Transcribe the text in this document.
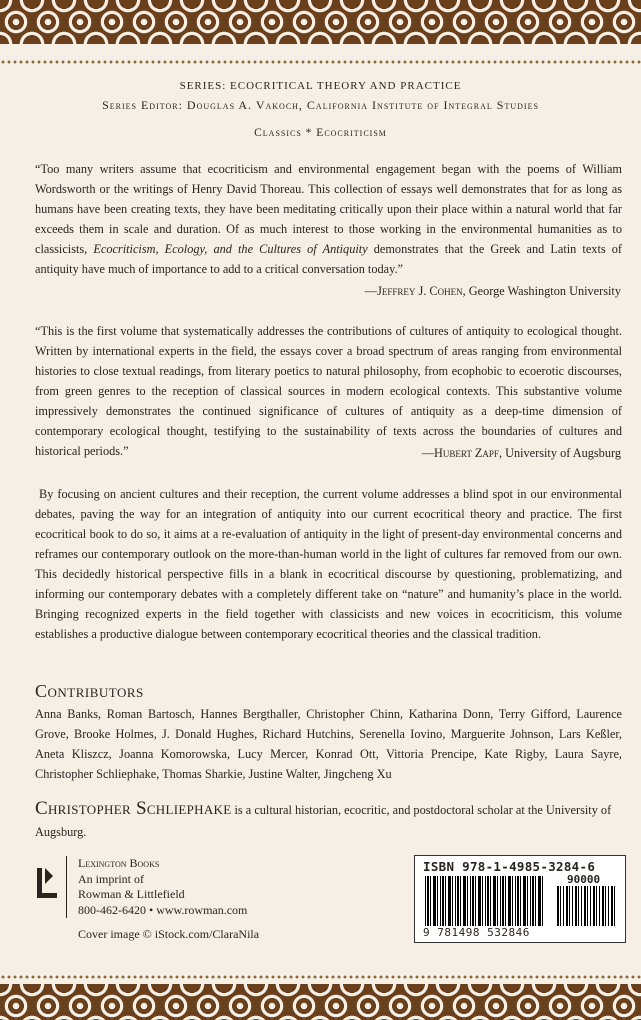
SERIES: ECOCRITICAL THEORY AND PRACTICE
Series Editor: Douglas A. Vakoch, California Institute of Integral Studies
Classics * Ecocriticism
“Too many writers assume that ecocriticism and environmental engagement began with the poems of William Wordsworth or the writings of Henry David Thoreau. This collection of essays well demonstrates that for as long as humans have been creating texts, they have been meditating critically upon their place within a natural world that far exceeds them in scale and duration. Of as much interest to those working in the environmental humanities as to classicists, Ecocriticism, Ecology, and the Cultures of Antiquity demonstrates that the Greek and Latin texts of antiquity have much of importance to add to a critical conversation today.”
—Jeffrey J. Cohen, George Washington University
“This is the first volume that systematically addresses the contributions of cultures of antiquity to ecological thought. Written by international experts in the field, the essays cover a broad spectrum of areas ranging from environmental histories to close textual readings, from literary poetics to natural philosophy, from ecophobic to ecoerotic discourses, from green genres to the reception of classical sources in modern ecological contexts. This substantive volume impressively demonstrates the continued significance of cultures of antiquity as a deep-time dimension of contemporary ecological thought, testifying to the sustainability of texts across the boundaries of cultures and historical periods.”	—Hubert Zapf, University of Augsburg
By focusing on ancient cultures and their reception, the current volume addresses a blind spot in our environmental debates, paving the way for an integration of antiquity into our current ecocritical theory and practice. The first ecocritical book to do so, it aims at a re-evaluation of antiquity in the light of present-day environmental concerns and reframes our contemporary outlook on the more-than-human world in the light of cultures far removed from our own. This decidedly historical perspective fills in a blank in ecocritical discourse by questioning, problematizing, and informing our contemporary debates with a completely different take on “nature” and humanity’s place in the world. Bringing recognized experts in the field together with classicists and new voices in ecocriticism, this volume establishes a productive dialogue between contemporary ecocritical theories and the classical tradition.
Contributors
Anna Banks, Roman Bartosch, Hannes Bergthaller, Christopher Chinn, Katharina Donn, Terry Gifford, Laurence Grove, Brooke Holmes, J. Donald Hughes, Richard Hutchins, Serenella Iovino, Marguerite Johnson, Lars Keßler, Aneta Kliszcz, Joanna Komorowska, Lucy Mercer, Konrad Ott, Vittoria Prencipe, Kate Rigby, Laura Sayre, Christopher Schliephake, Thomas Sharkie, Justine Walter, Jingcheng Xu
Christopher Schliephake is a cultural historian, ecocritic, and postdoctoral scholar at the University of Augsburg.
Lexington Books
An imprint of
Rowman & Littlefield
800-462-6420 • www.rowman.com
Cover image © iStock.com/ClaraNila
ISBN 978-1-4985-3284-6
90000
9 781498 532846
